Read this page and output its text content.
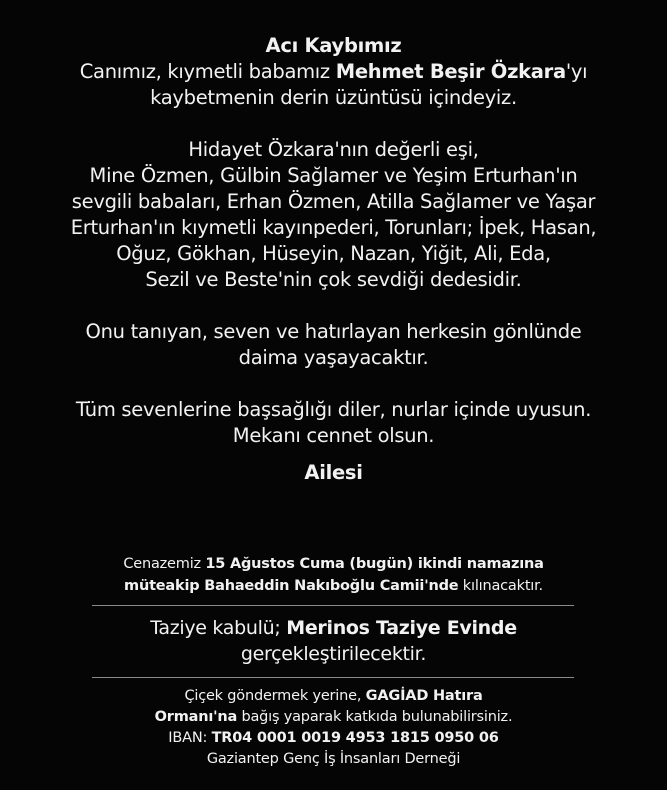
Acı Kaybımız
Canımız, kıymetli babamız Mehmet Beşir Özkara'yı
kaybetmenin derin üzüntüsü içindeyiz.
Hidayet Özkara'nın değerli eşi,
Mine Özmen, Gülbin Sağlamer ve Yeşim Erturhan'ın
sevgili babaları, Erhan Özmen, Atilla Sağlamer ve Yaşar
Erturhan'ın kıymetli kayınpederi, Torunları; İpek, Hasan,
Oğuz, Gökhan, Hüseyin, Nazan, Yiğit, Ali, Eda,
Sezil ve Beste'nin çok sevdiği dedesidir.
Onu tanıyan, seven ve hatırlayan herkesin gönlünde
daima yaşayacaktır.
Tüm sevenlerine başsağlığı diler, nurlar içinde uyusun.
Mekanı cennet olsun.
Ailesi
Cenazemiz 15 Ağustos Cuma (bugün) ikindi namazına
müteakip Bahaeddin Nakıboğlu Camii'nde kılınacaktır.
Taziye kabulü; Merinos Taziye Evinde
gerçekleştirilecektir.
Çiçek göndermek yerine, GAGİAD Hatıra
Ormanı'na bağış yaparak katkıda bulunabilirsiniz.
IBAN: TR04 0001 0019 4953 1815 0950 06
Gaziantep Genç İş İnsanları Derneği
